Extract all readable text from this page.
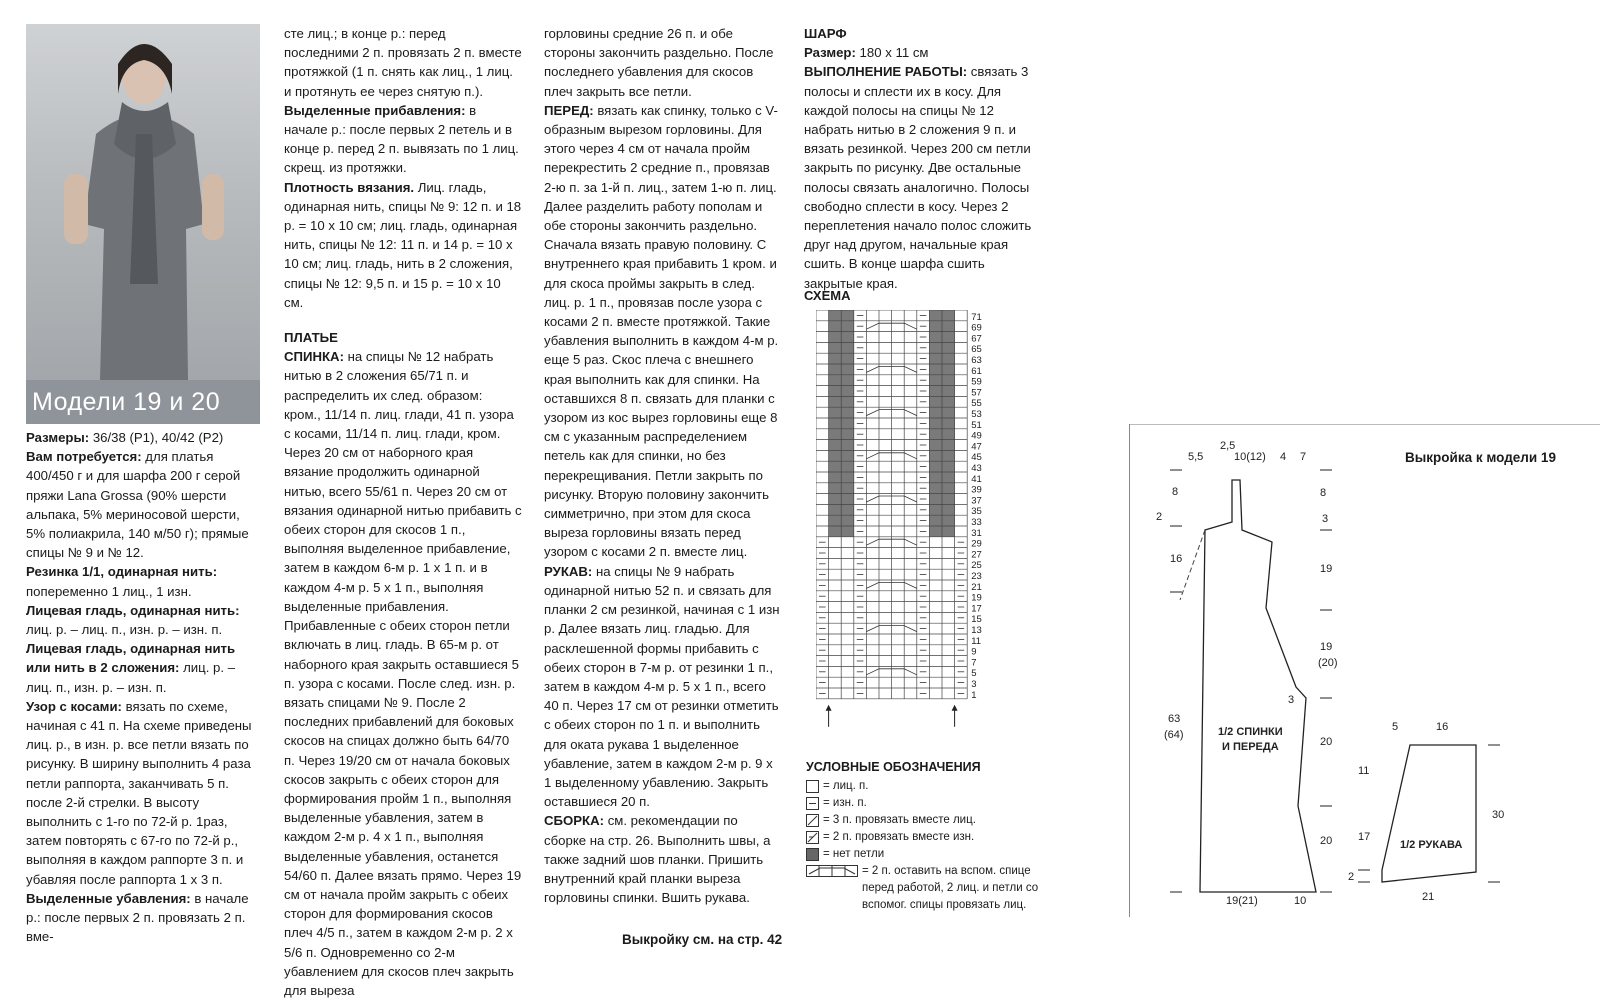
Модели 19 и 20

Размеры: 36/38 (Р1), 40/42 (Р2)

Вам потребуется: для платья 400/450 г и для шарфа 200 г серой пряжи Lana Grossa (90% шерсти альпака, 5% мериносовой шерсти, 5% полиакрила, 140 м/50 г); прямые спицы № 9 и № 12.

Резинка 1/1, одинарная нить: попеременно 1 лиц., 1 изн.

Лицевая гладь, одинарная нить: лиц. р. – лиц. п., изн. р. – изн. п.

Лицевая гладь, одинарная нить или нить в 2 сложения: лиц. р. – лиц. п., изн. р. – изн. п.

Узор с косами: вязать по схеме, начиная с 41 п. На схеме приведены лиц. р., в изн. р. все петли вязать по рисунку. В ширину выполнить 4 раза петли раппорта, заканчивать 5 п. после 2-й стрелки. В высоту выполнить с 1-го по 72-й р. 1раз, затем повторять с 67-го по 72-й р., выполняя в каждом раппорте 3 п. и убавляя после раппорта 1 х 3 п.

Выделенные убавления: в начале р.: после первых 2 п. провязать 2 п. вме-

сте лиц.; в конце р.: перед последними 2 п. провязать 2 п. вместе протяжкой (1 п. снять как лиц., 1 лиц. и протянуть ее через снятую п.).

Выделенные прибавления: в начале р.: после первых 2 петель и в конце р. перед 2 п. вывязать по 1 лиц. скрещ. из протяжки.

Плотность вязания. Лиц. гладь, одинарная нить, спицы № 9: 12 п. и 18 р. = 10 х 10 см; лиц. гладь, одинарная нить, спицы № 12: 11 п. и 14 р. = 10 х 10 см; лиц. гладь, нить в 2 сложения, спицы № 12: 9,5 п. и 15 р. = 10 х 10 см.

ПЛАТЬЕ

СПИНКА: на спицы № 12 набрать нитью в 2 сложения 65/71 п. и распределить их след. образом: кром., 11/14 п. лиц. глади, 41 п. узора с косами, 11/14 п. лиц. глади, кром. Через 20 см от наборного края вязание продолжить одинарной нитью, всего 55/61 п. Через 20 см от вязания одинарной нитью прибавить с обеих сторон для скосов 1 п., выполняя выделенное прибавление, затем в каждом 6-м р. 1 х 1 п. и в каждом 4-м р. 5 х 1 п., выполняя выделенные прибавления. Прибавленные с обеих сторон петли включать в лиц. гладь. В 65-м р. от наборного края закрыть оставшиеся 5 п. узора с косами. После след. изн. р. вязать спицами № 9. После 2 последних прибавлений для боковых скосов на спицах должно быть 64/70 п. Через 19/20 см от начала боковых скосов закрыть с обеих сторон для формирования пройм 1 п., выполняя выделенные убавления, затем в каждом 2-м р. 4 х 1 п., выполняя выделенные убавления, останется 54/60 п. Далее вязать прямо. Через 19 см от начала пройм закрыть с обеих сторон для формирования скосов плеч 4/5 п., затем в каждом 2-м р. 2 х 5/6 п. Одновременно со 2-м убавлением для скосов плеч закрыть для выреза

горловины средние 26 п. и обе стороны закончить раздельно. После последнего убавления для скосов плеч закрыть все петли.

ПЕРЕД: вязать как спинку, только с V-образным вырезом горловины. Для этого через 4 см от начала пройм перекрестить 2 средние п., провязав 2-ю п. за 1-й п. лиц., затем 1-ю п. лиц. Далее разделить работу пополам и обе стороны закончить раздельно. Сначала вязать правую половину. С внутреннего края прибавить 1 кром. и для скоса проймы закрыть в след. лиц. р. 1 п., провязав после узора с косами 2 п. вместе протяжкой. Такие убавления выполнить в каждом 4-м р. еще 5 раз. Скос плеча с внешнего края выполнить как для спинки. На оставшихся 8 п. связать для планки с узором из кос вырез горловины еще 8 см с указанным распределением петель как для спинки, но без перекрещивания. Петли закрыть по рисунку. Вторую половину закончить симметрично, при этом для скоса выреза горловины вязать перед узором с косами 2 п. вместе лиц.

РУКАВ: на спицы № 9 набрать одинарной нитью 52 п. и связать для планки 2 см резинкой, начиная с 1 изн р. Далее вязать лиц. гладью. Для расклешенной формы прибавить с обеих сторон в 7-м р. от резинки 1 п., затем в каждом 4-м р. 5 х 1 п., всего 40 п. Через 17 см от резинки отметить с обеих сторон по 1 п. и выполнить для оката рукава 1 выделенное убавление, затем в каждом 2-м р. 9 х 1 выделенному убавлению. Закрыть оставшиеся 20 п.

СБОРКА: см. рекомендации по сборке на стр. 26. Выполнить швы, а также задний шов планки. Пришить внутренний край планки выреза горловины спинки. Вшить рукава.

Выкройку см. на стр. 42

ШАРФ

Размер: 180 х 11 см

ВЫПОЛНЕНИЕ РАБОТЫ: связать 3 полосы и сплести их в косу. Для каждой полосы на спицы № 12 набрать нитью в 2 сложения 9 п. и вязать резинкой. Через 200 см петли закрыть по рисунку. Две остальные полосы связать аналогично. Полосы свободно сплести в косу. Через 2 переплетения начало полос сложить друг над другом, начальные края сшить. В конце шарфа сшить закрытые края.

СХЕМА
71
69
67
65
63
61
59
57
55
53
51
49
47
45
43
41
39
37
35
33
31
29
27
25
23
21
19
17
15
13
11
9
7
5
3
1
УСЛОВНЫЕ ОБОЗНАЧЕНИЯ
= лиц. п.
= изн. п.
= 3 п. провязать вместе лиц.
= 2 п. провязать вместе изн.
= нет петли
= 2 п. оставить на вспом. спице перед работой, 2 лиц. и петли со вспомог. спицы провязать лиц.
Выкройка к модели 19
2,5
5,5	10(12) 4 7
8
2
16
63
(64)
8
3
19
19
(20)
20
20
3
1/2 СПИНКИ
И ПЕРЕДА
19(21)	10
5	16
11
17
2
30
21
1/2 РУКАВА
